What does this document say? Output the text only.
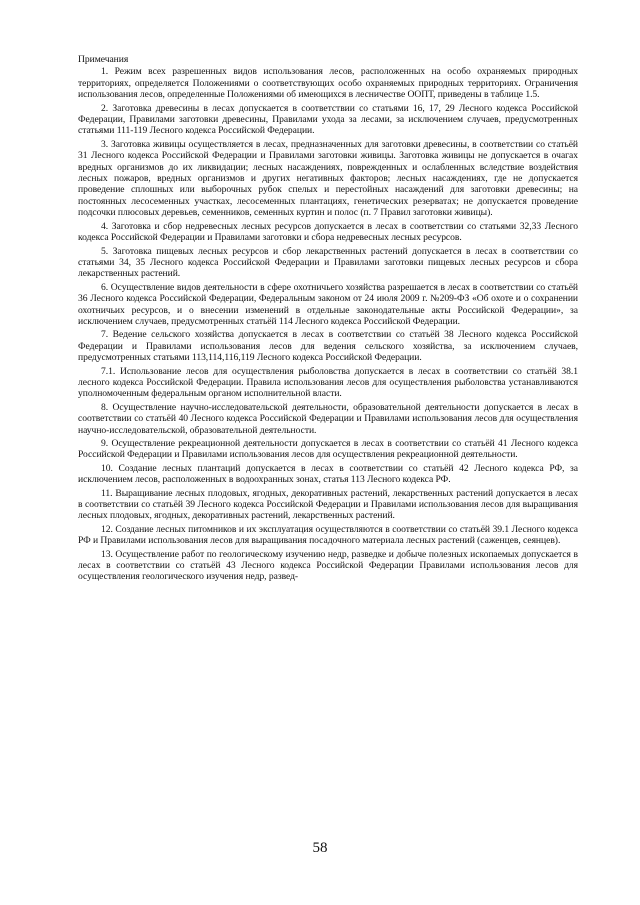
Примечания

1. Режим всех разрешенных видов использования лесов, расположенных на особо охраняемых природных территориях, определяется Положениями о соответствующих особо охраняемых природных территориях. Ограничения использования лесов, определенные Положениями об имеющихся в лесничестве ООПТ, приведены в таблице 1.5.

2. Заготовка древесины в лесах допускается в соответствии со статьями 16, 17, 29 Лесного кодекса Российской Федерации, Правилами заготовки древесины, Правилами ухода за лесами, за исключением случаев, предусмотренных статьями 111-119 Лесного кодекса Российской Федерации.

3. Заготовка живицы осуществляется в лесах, предназначенных для заготовки древесины, в соответствии со статьёй 31 Лесного кодекса Российской Федерации и Правилами заготовки живицы. Заготовка живицы не допускается в очагах вредных организмов до их ликвидации; лесных насаждениях, поврежденных и ослабленных вследствие воздействия лесных пожаров, вредных организмов и других негативных факторов; лесных насаждениях, где не допускается проведение сплошных или выборочных рубок спелых и перестойных насаждений для заготовки древесины; на постоянных лесосеменных участках, лесосеменных плантациях, генетических резерватах; не допускается проведение подсочки плюсовых деревьев, семенников, семенных куртин и полос (п. 7 Правил заготовки живицы).

4. Заготовка и сбор недревесных лесных ресурсов допускается в лесах в соответствии со статьями 32,33 Лесного кодекса Российской Федерации и Правилами заготовки и сбора недревесных лесных ресурсов.

5. Заготовка пищевых лесных ресурсов и сбор лекарственных растений допускается в лесах в соответствии со статьями 34, 35 Лесного кодекса Российской Федерации и Правилами заготовки пищевых лесных ресурсов и сбора лекарственных растений.

6. Осуществление видов деятельности в сфере охотничьего хозяйства разрешается в лесах в соответствии со статьёй 36 Лесного кодекса Российской Федерации, Федеральным законом от 24 июля 2009 г. №209-ФЗ «Об охоте и о сохранении охотничьих ресурсов, и о внесении изменений в отдельные законодательные акты Российской Федерации», за исключением случаев, предусмотренных статьёй 114 Лесного кодекса Российской Федерации.

7. Ведение сельского хозяйства допускается в лесах в соответствии со статьёй 38 Лесного кодекса Российской Федерации и Правилами использования лесов для ведения сельского хозяйства, за исключением случаев, предусмотренных статьями 113,114,116,119 Лесного кодекса Российской Федерации.

7.1. Использование лесов для осуществления рыболовства допускается в лесах в соответствии со статьёй 38.1 лесного кодекса Российской Федерации. Правила использования лесов для осуществления рыболовства устанавливаются уполномоченным федеральным органом исполнительной власти.

8. Осуществление научно-исследовательской деятельности, образовательной деятельности допускается в лесах в соответствии со статьёй 40 Лесного кодекса Российской Федерации и Правилами использования лесов для осуществления научно-исследовательской, образовательной деятельности.

9. Осуществление рекреационной деятельности допускается в лесах в соответствии со статьёй 41 Лесного кодекса Российской Федерации и Правилами использования лесов для осуществления рекреационной деятельности.

10. Создание лесных плантаций допускается в лесах в соответствии со статьёй 42 Лесного кодекса РФ, за исключением лесов, расположенных в водоохранных зонах, статья 113 Лесного кодекса РФ.

11. Выращивание лесных плодовых, ягодных, декоративных растений, лекарственных растений допускается в лесах в соответствии со статьёй 39 Лесного кодекса Российской Федерации и Правилами использования лесов для выращивания лесных плодовых, ягодных, декоративных растений, лекарственных растений.

12. Создание лесных питомников и их эксплуатация осуществляются в соответствии со статьёй 39.1 Лесного кодекса РФ и Правилами использования лесов для выращивания посадочного материала лесных растений (саженцев, сеянцев).

13. Осуществление работ по геологическому изучению недр, разведке и добыче полезных ископаемых допускается в лесах в соответствии со статьёй 43 Лесного кодекса Российской Федерации Правилами использования лесов для осуществления геологического изучения недр, развед-

58
